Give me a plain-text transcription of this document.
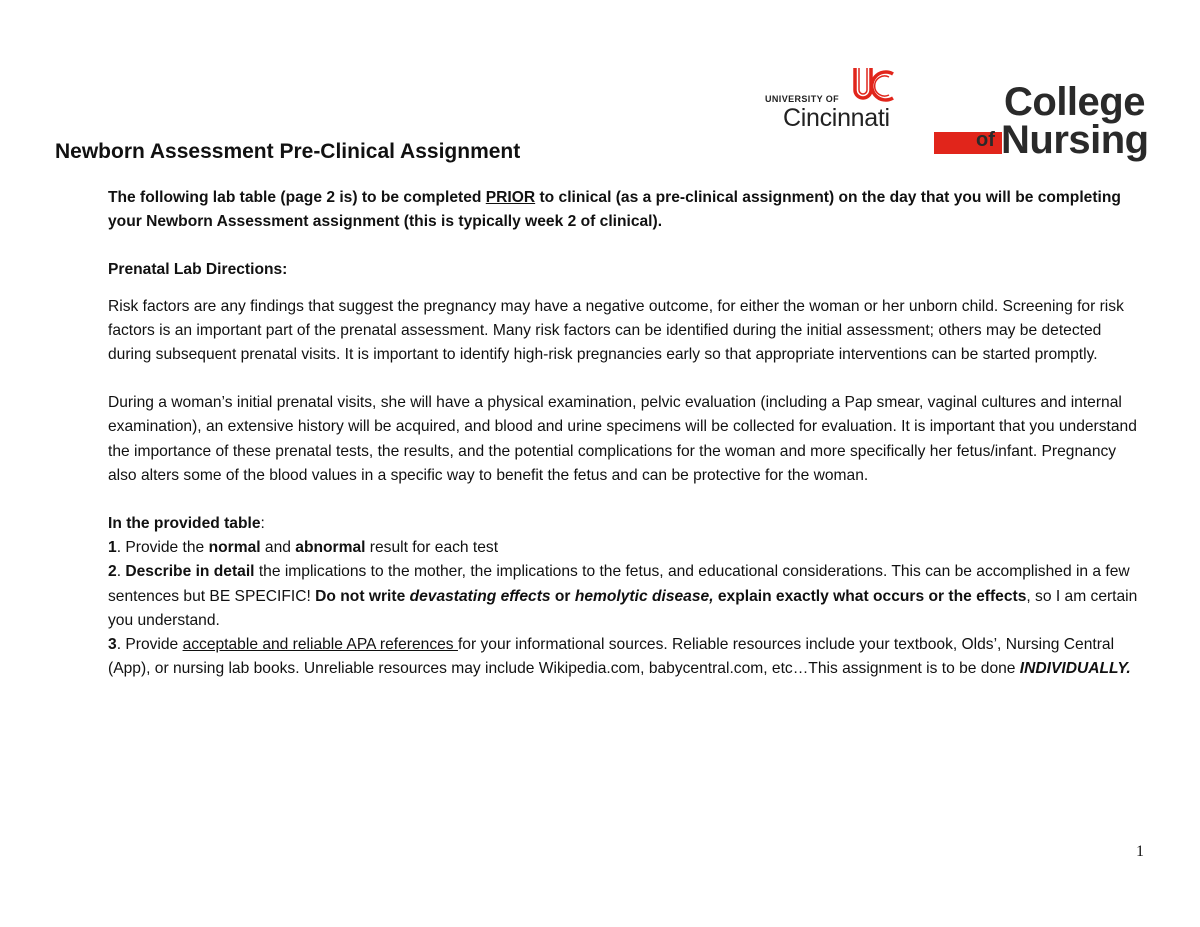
UNIVERSITY OF
Cincinnati	College
of Nursing
Newborn Assessment Pre-Clinical Assignment

The following lab table (page 2 is) to be completed PRIOR to clinical (as a pre-clinical assignment) on the day that you will be completing your Newborn Assessment assignment (this is typically week 2 of clinical).

Prenatal Lab Directions:

Risk factors are any findings that suggest the pregnancy may have a negative outcome, for either the woman or her unborn child. Screening for risk factors is an important part of the prenatal assessment. Many risk factors can be identified during the initial assessment; others may be detected during subsequent prenatal visits. It is important to identify high-risk pregnancies early so that appropriate interventions can be started promptly.

During a woman’s initial prenatal visits, she will have a physical examination, pelvic evaluation (including a Pap smear, vaginal cultures and internal examination), an extensive history will be acquired, and blood and urine specimens will be collected for evaluation. It is important that you understand the importance of these prenatal tests, the results, and the potential complications for the woman and more specifically her fetus/infant. Pregnancy also alters some of the blood values in a specific way to benefit the fetus and can be protective for the woman.

In the provided table:

1. Provide the normal and abnormal result for each test

2. Describe in detail the implications to the mother, the implications to the fetus, and educational considerations. This can be accomplished in a few sentences but BE SPECIFIC! Do not write devastating effects or hemolytic disease, explain exactly what occurs or the effects, so I am certain you understand.

3. Provide acceptable and reliable APA references for your informational sources. Reliable resources include your textbook, Olds’, Nursing Central (App), or nursing lab books. Unreliable resources may include Wikipedia.com, babycentral.com, etc…This assignment is to be done INDIVIDUALLY.

1
